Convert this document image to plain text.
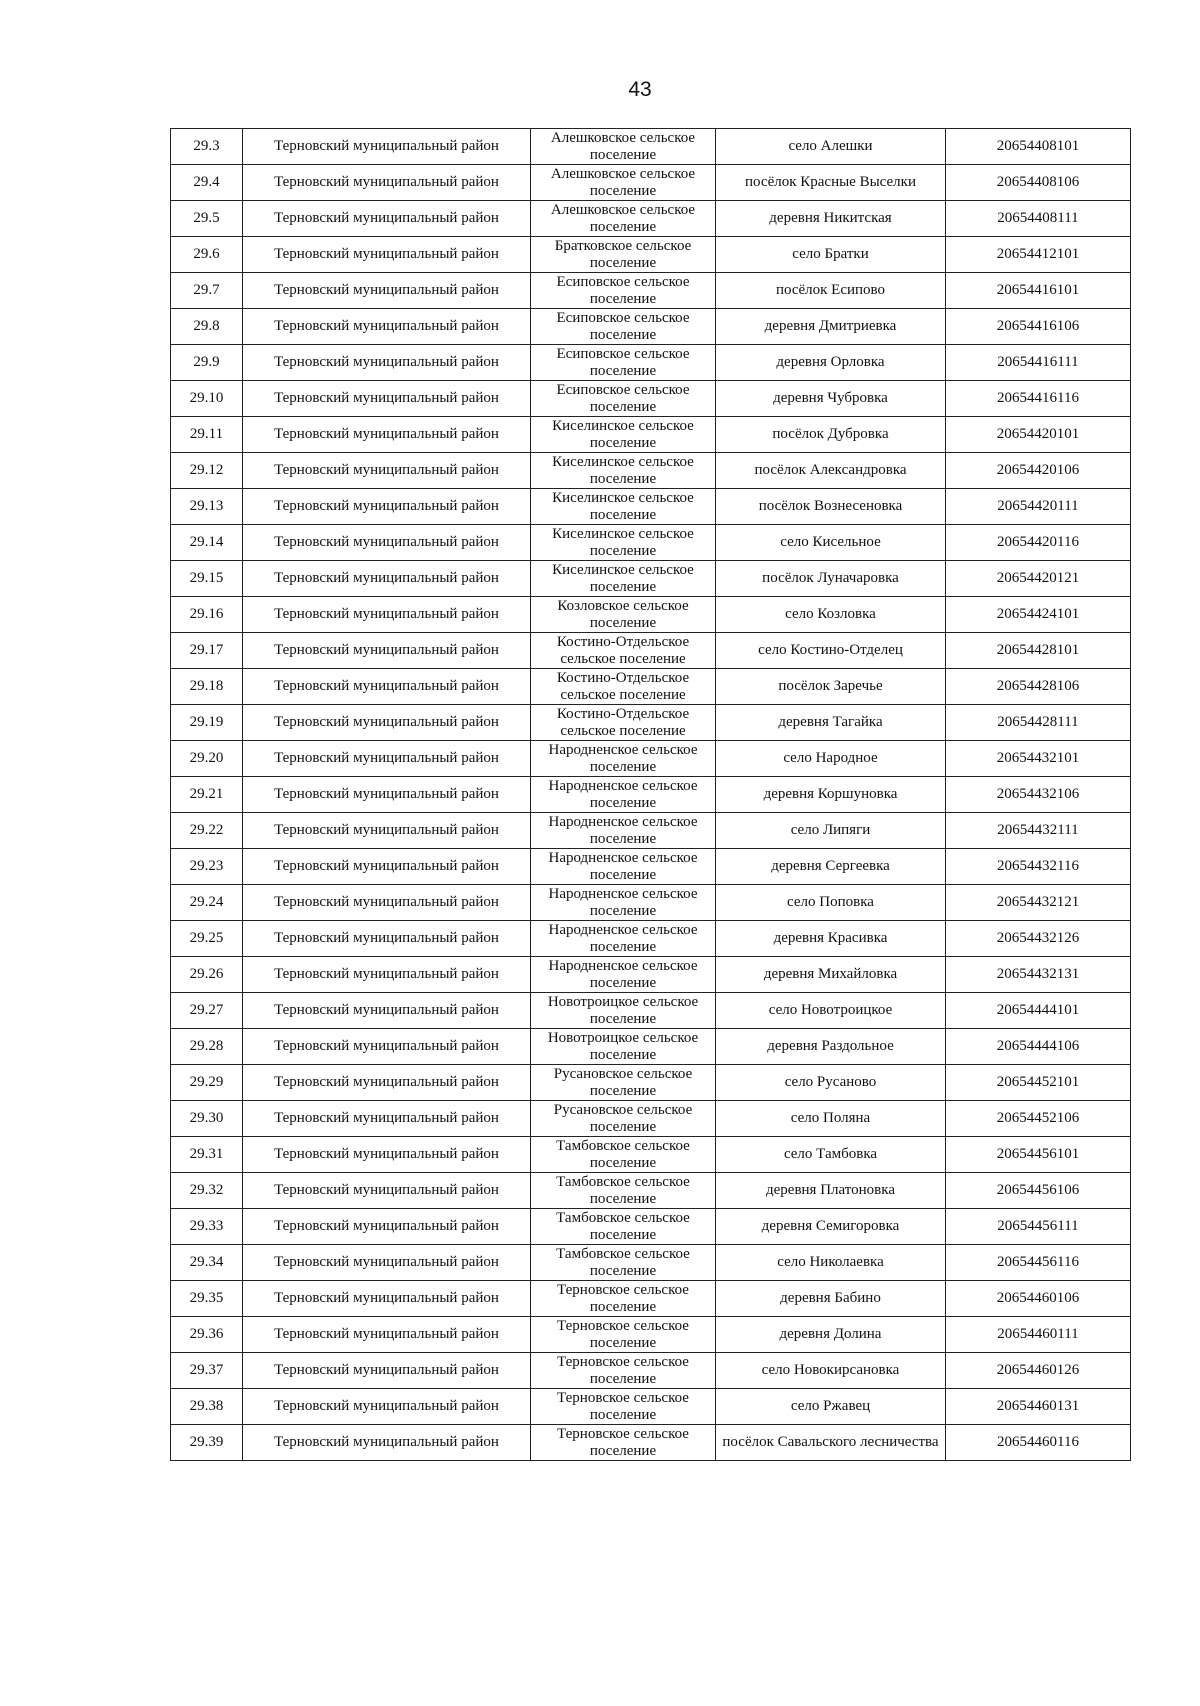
43
29.3	Терновский муниципальный район	Алешковское сельское поселение	село Алешки	20654408101
29.4	Терновский муниципальный район	Алешковское сельское поселение	посёлок Красные Выселки	20654408106
29.5	Терновский муниципальный район	Алешковское сельское поселение	деревня Никитская	20654408111
29.6	Терновский муниципальный район	Братковское сельское поселение	село Братки	20654412101
29.7	Терновский муниципальный район	Есиповское сельское поселение	посёлок Есипово	20654416101
29.8	Терновский муниципальный район	Есиповское сельское поселение	деревня Дмитриевка	20654416106
29.9	Терновский муниципальный район	Есиповское сельское поселение	деревня Орловка	20654416111
29.10	Терновский муниципальный район	Есиповское сельское поселение	деревня Чубровка	20654416116
29.11	Терновский муниципальный район	Киселинское сельское поселение	посёлок Дубровка	20654420101
29.12	Терновский муниципальный район	Киселинское сельское поселение	посёлок Александровка	20654420106
29.13	Терновский муниципальный район	Киселинское сельское поселение	посёлок Вознесеновка	20654420111
29.14	Терновский муниципальный район	Киселинское сельское поселение	село Кисельное	20654420116
29.15	Терновский муниципальный район	Киселинское сельское поселение	посёлок Луначаровка	20654420121
29.16	Терновский муниципальный район	Козловское сельское поселение	село Козловка	20654424101
29.17	Терновский муниципальный район	Костино-Отдельское сельское поселение	село Костино-Отделец	20654428101
29.18	Терновский муниципальный район	Костино-Отдельское сельское поселение	посёлок Заречье	20654428106
29.19	Терновский муниципальный район	Костино-Отдельское сельское поселение	деревня Тагайка	20654428111
29.20	Терновский муниципальный район	Народненское сельское поселение	село Народное	20654432101
29.21	Терновский муниципальный район	Народненское сельское поселение	деревня Коршуновка	20654432106
29.22	Терновский муниципальный район	Народненское сельское поселение	село Липяги	20654432111
29.23	Терновский муниципальный район	Народненское сельское поселение	деревня Сергеевка	20654432116
29.24	Терновский муниципальный район	Народненское сельское поселение	село Поповка	20654432121
29.25	Терновский муниципальный район	Народненское сельское поселение	деревня Красивка	20654432126
29.26	Терновский муниципальный район	Народненское сельское поселение	деревня Михайловка	20654432131
29.27	Терновский муниципальный район	Новотроицкое сельское поселение	село Новотроицкое	20654444101
29.28	Терновский муниципальный район	Новотроицкое сельское поселение	деревня Раздольное	20654444106
29.29	Терновский муниципальный район	Русановское сельское поселение	село Русаново	20654452101
29.30	Терновский муниципальный район	Русановское сельское поселение	село Поляна	20654452106
29.31	Терновский муниципальный район	Тамбовское сельское поселение	село Тамбовка	20654456101
29.32	Терновский муниципальный район	Тамбовское сельское поселение	деревня Платоновка	20654456106
29.33	Терновский муниципальный район	Тамбовское сельское поселение	деревня Семигоровка	20654456111
29.34	Терновский муниципальный район	Тамбовское сельское поселение	село Николаевка	20654456116
29.35	Терновский муниципальный район	Терновское сельское поселение	деревня Бабино	20654460106
29.36	Терновский муниципальный район	Терновское сельское поселение	деревня Долина	20654460111
29.37	Терновский муниципальный район	Терновское сельское поселение	село Новокирсановка	20654460126
29.38	Терновский муниципальный район	Терновское сельское поселение	село Ржавец	20654460131
29.39	Терновский муниципальный район	Терновское сельское поселение	посёлок Савальского лесничества	20654460116
